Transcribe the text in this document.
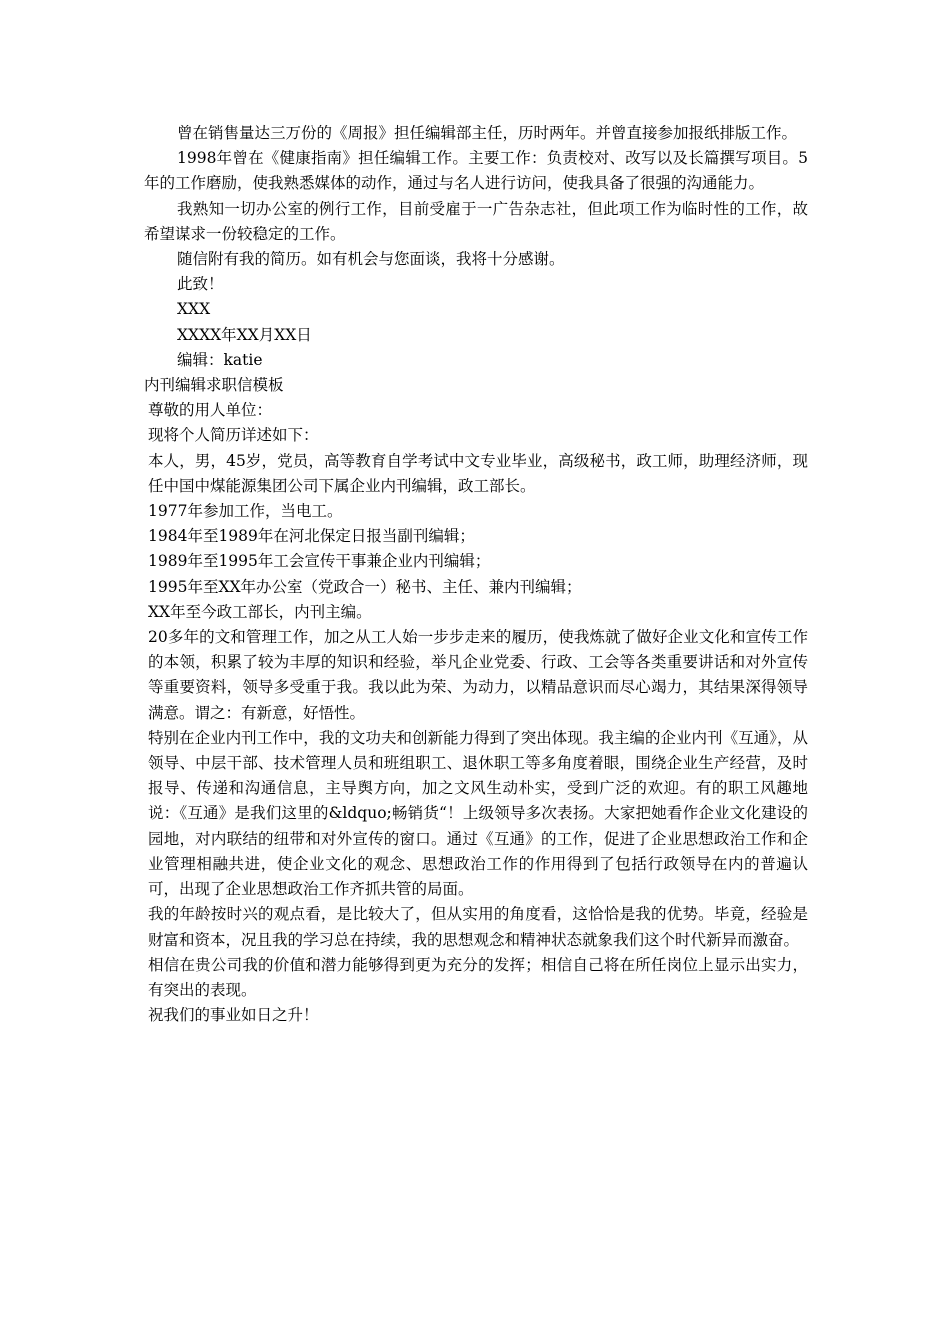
曾在销售量达三万份的《周报》担任编辑部主任，历时两年。并曾直接参加报纸排版工作。

1998年曾在《健康指南》担任编辑工作。主要工作：负责校对、改写以及长篇撰写项目。5年的工作磨励，使我熟悉媒体的动作，通过与名人进行访问，使我具备了很强的沟通能力。

我熟知一切办公室的例行工作，目前受雇于一广告杂志社，但此项工作为临时性的工作，故希望谋求一份较稳定的工作。

随信附有我的简历。如有机会与您面谈，我将十分感谢。

此致！

XXX

XXXX年XX月XX日

编辑：katie

内刊编辑求职信模板

尊敬的用人单位：

现将个人简历详述如下：

本人，男，45岁，党员，高等教育自学考试中文专业毕业，高级秘书，政工师，助理经济师，现任中国中煤能源集团公司下属企业内刊编辑，政工部长。

1977年参加工作，当电工。

1984年至1989年在河北保定日报当副刊编辑；

1989年至1995年工会宣传干事兼企业内刊编辑；

1995年至XX年办公室（党政合一）秘书、主任、兼内刊编辑；

XX年至今政工部长，内刊主编。

20多年的文和管理工作，加之从工人始一步步走来的履历，使我炼就了做好企业文化和宣传工作的本领，积累了较为丰厚的知识和经验，举凡企业党委、行政、工会等各类重要讲话和对外宣传等重要资料，领导多受重于我。我以此为荣、为动力，以精品意识而尽心竭力，其结果深得领导满意。谓之：有新意，好悟性。

特别在企业内刊工作中，我的文功夫和创新能力得到了突出体现。我主编的企业内刊《互通》，从领导、中层干部、技术管理人员和班组职工、退休职工等多角度着眼，围绕企业生产经营，及时报导、传递和沟通信息，主导舆方向，加之文风生动朴实，受到广泛的欢迎。有的职工风趣地说：《互通》是我们这里的&ldquo;畅销货“！上级领导多次表扬。大家把她看作企业文化建设的园地，对内联结的纽带和对外宣传的窗口。通过《互通》的工作，促进了企业思想政治工作和企业管理相融共进，使企业文化的观念、思想政治工作的作用得到了包括行政领导在内的普遍认可，出现了企业思想政治工作齐抓共管的局面。

我的年龄按时兴的观点看，是比较大了，但从实用的角度看，这恰恰是我的优势。毕竟，经验是财富和资本，况且我的学习总在持续，我的思想观念和精神状态就象我们这个时代新异而激奋。

相信在贵公司我的价值和潜力能够得到更为充分的发挥；相信自己将在所任岗位上显示出实力，有突出的表现。

祝我们的事业如日之升！
